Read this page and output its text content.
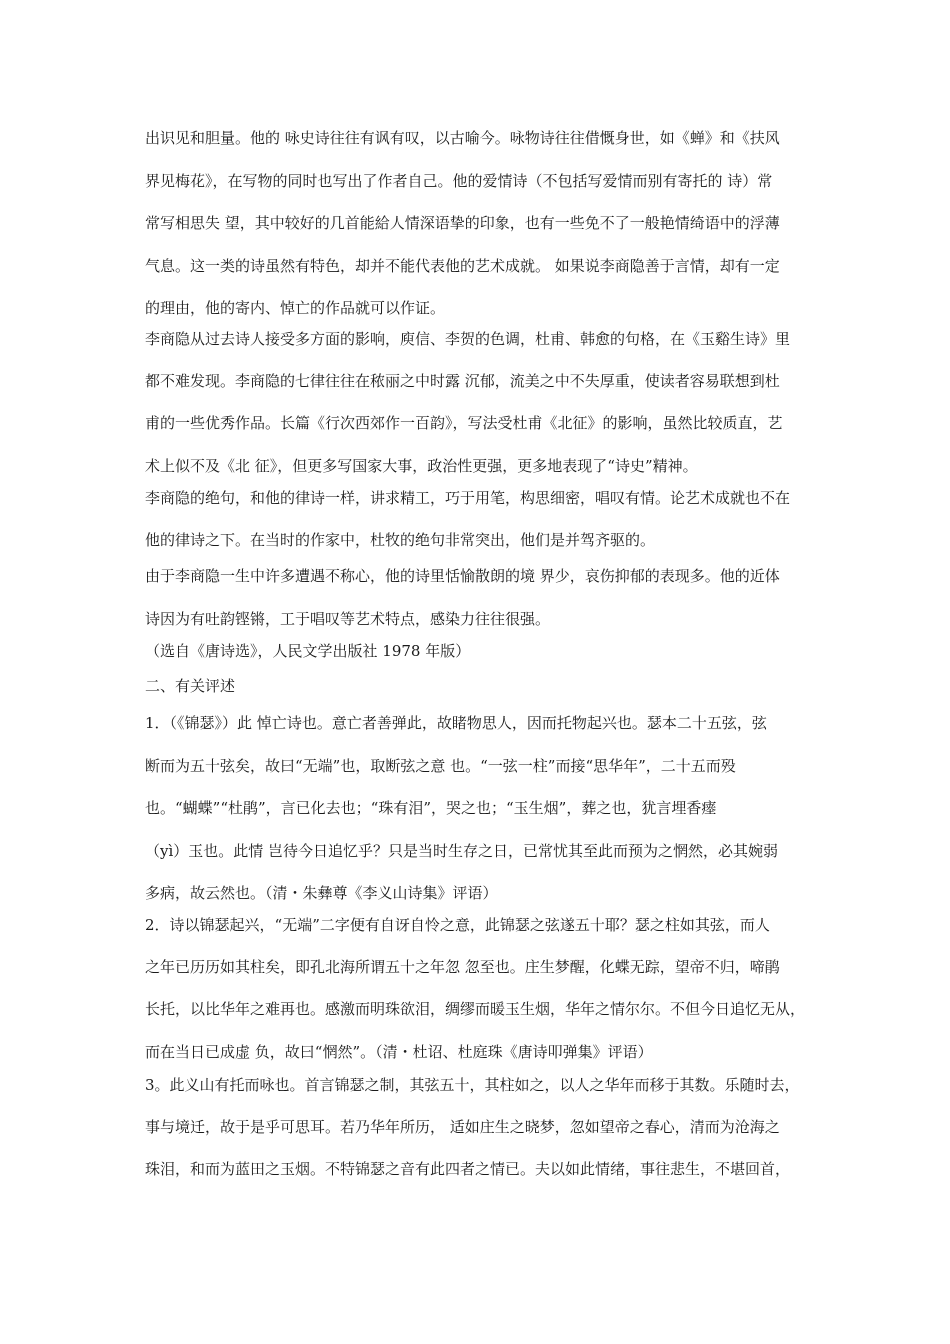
出识见和胆量。他的 咏史诗往往有讽有叹，以古喻今。咏物诗往往借慨身世，如《蝉》和《扶风
界见梅花》，在写物的同时也写出了作者自己。他的爱情诗（不包括写爱情而别有寄托的 诗）常
常写相思失 望，其中较好的几首能給人情深语挚的印象，也有一些免不了一般艳情绮语中的浮薄
气息。这一类的诗虽然有特色，却并不能代表他的艺术成就。 如果说李商隐善于言情，却有一定
的理由，他的寄内、悼亡的作品就可以作证。
李商隐从过去诗人接受多方面的影响，庾信、李贺的色调，杜甫、韩愈的句格，在《玉谿生诗》里
都不难发现。李商隐的七律往往在秾丽之中时露 沉郁，流美之中不失厚重，使读者容易联想到杜
甫的一些优秀作品。长篇《行次西郊作一百韵》，写法受杜甫《北征》的影响，虽然比较质直，艺
术上似不及《北 征》，但更多写国家大事，政治性更强，更多地表现了“诗史”精神。
李商隐的绝句，和他的律诗一样，讲求精工，巧于用笔，构思细密，唱叹有情。论艺术成就也不在
他的律诗之下。在当时的作家中，杜牧的绝句非常突出，他们是并驾齐驱的。
由于李商隐一生中许多遭遇不称心，他的诗里恬愉散朗的境 界少，哀伤抑郁的表现多。他的近体
诗因为有吐韵铿锵，工于唱叹等艺术特点，感染力往往很强。
（选自《唐诗选》，人民文学出版社 1978 年版）
二、有关评述
1．（《锦瑟》）此 悼亡诗也。意亡者善弹此，故睹物思人，因而托物起兴也。瑟本二十五弦，弦
断而为五十弦矣，故曰“无端”也，取断弦之意 也。“一弦一柱”而接“思华年”，二十五而殁
也。“蝴蝶”“杜鹃”，言已化去也；“珠有泪”，哭之也；“玉生烟”，葬之也，犹言埋香瘗
（yì）玉也。此情 岂待今日追忆乎？只是当时生存之日，已常忧其至此而预为之惘然，必其婉弱
多病，故云然也。（清・朱彝尊《李义山诗集》评语）
2．诗以锦瑟起兴，“无端”二字便有自讶自怜之意，此锦瑟之弦遂五十耶？瑟之柱如其弦，而人
之年已历历如其柱矣，即孔北海所谓五十之年忽 忽至也。庄生梦醒，化蝶无踪，望帝不归，啼鹃
长托，以比华年之难再也。感激而明珠欲泪，绸缪而暖玉生烟，华年之情尔尔。不但今日追忆无从，
而在当日已成虚 负，故曰“惘然”。（清・杜诏、杜庭珠《唐诗叩弹集》评语）
3。此义山有托而咏也。首言锦瑟之制，其弦五十，其柱如之，以人之华年而移于其数。乐随时去，
事与境迁，故于是乎可思耳。若乃华年所历， 适如庄生之晓梦，忽如望帝之春心，清而为沧海之
珠泪，和而为蓝田之玉烟。不特锦瑟之音有此四者之情已。夫以如此情绪，事往悲生，不堪回首，
